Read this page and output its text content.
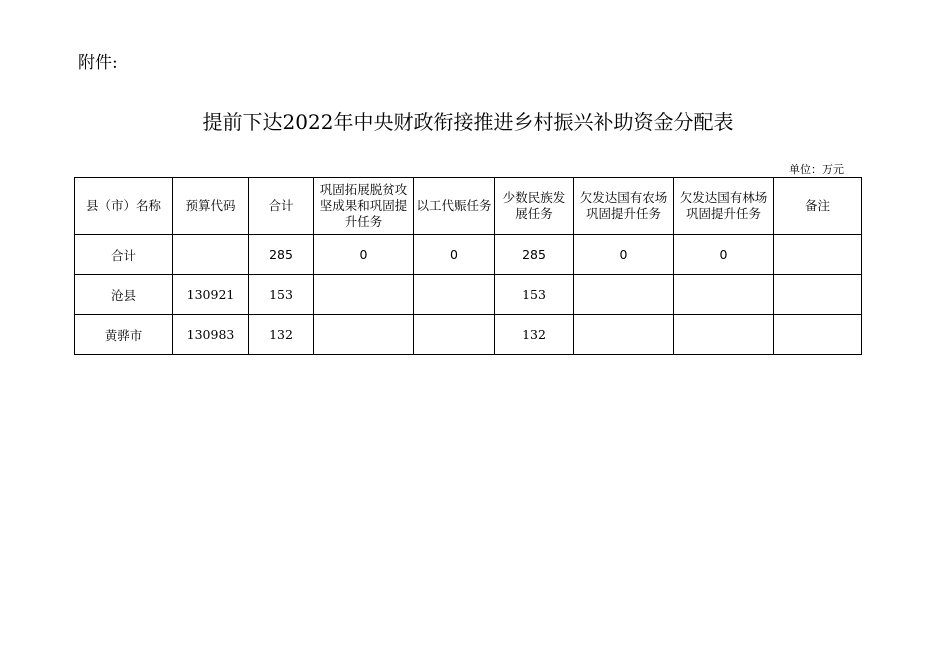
附件:
提前下达2022年中央财政衔接推进乡村振兴补助资金分配表
单位：万元
县（市）名称	预算代码	合计	巩固拓展脱贫攻坚成果和巩固提升任务	以工代赈任务	少数民族发展任务	欠发达国有农场巩固提升任务	欠发达国有林场巩固提升任务	备注
合计		285	0	0	285	0	0	
沧县	130921	153			153			
黄骅市	130983	132			132			
